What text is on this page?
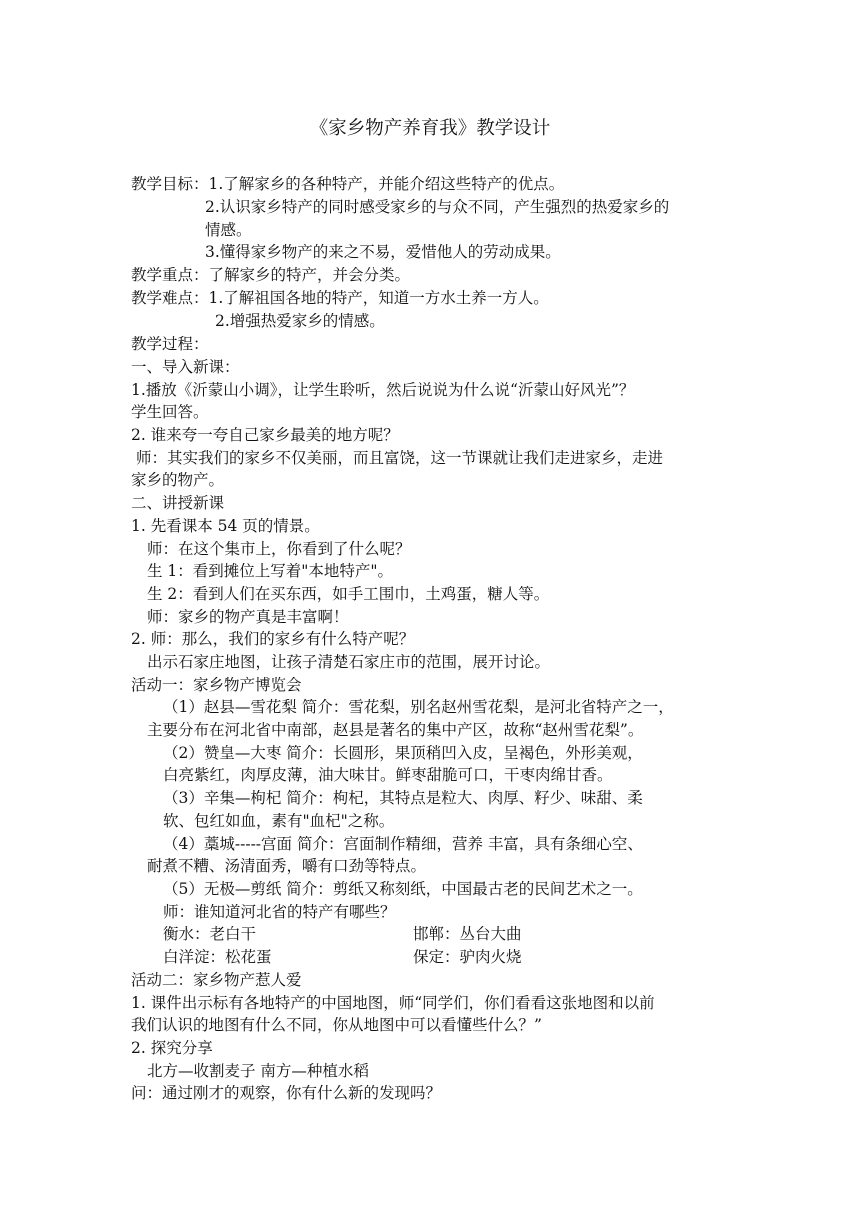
《家乡物产养育我》教学设计
教学目标：1.了解家乡的各种特产，并能介绍这些特产的优点。
2.认识家乡特产的同时感受家乡的与众不同，产生强烈的热爱家乡的
情感。
3.懂得家乡物产的来之不易，爱惜他人的劳动成果。
教学重点：了解家乡的特产，并会分类。
教学难点：1.了解祖国各地的特产，知道一方水土养一方人。
2.增强热爱家乡的情感。
教学过程：
一、导入新课：
1.播放《沂蒙山小调》，让学生聆听，然后说说为什么说“沂蒙山好风光”？
学生回答。
2. 谁来夸一夸自己家乡最美的地方呢？
师：其实我们的家乡不仅美丽，而且富饶，这一节课就让我们走进家乡，走进
家乡的物产。
二、讲授新课
1. 先看课本 54 页的情景。
师：在这个集市上，你看到了什么呢？
生 1：看到摊位上写着"本地特产"。
生 2：看到人们在买东西，如手工围巾，土鸡蛋，糖人等。
师：家乡的物产真是丰富啊！
2. 师：那么，我们的家乡有什么特产呢？
出示石家庄地图，让孩子清楚石家庄市的范围，展开讨论。
活动一：家乡物产博览会
（1）赵县—雪花梨 简介：雪花梨，别名赵州雪花梨，是河北省特产之一，
主要分布在河北省中南部，赵县是著名的集中产区，故称“赵州雪花梨”。
（2）赞皇—大枣 简介：长圆形，果顶稍凹入皮，呈褐色，外形美观，
白亮紫红，肉厚皮薄，油大味甘。鲜枣甜脆可口，干枣肉绵甘香。
（3）辛集—枸杞 简介：枸杞，其特点是粒大、肉厚、籽少、味甜、柔
软、包红如血，素有"血杞"之称。
（4）藁城-----宫面 简介：宫面制作精细，营养 丰富，具有条细心空、
耐煮不糟、汤清面秀，嚼有口劲等特点。
（5）无极—剪纸 简介：剪纸又称刻纸，中国最古老的民间艺术之一。
师：谁知道河北省的特产有哪些？
衡水：老白干	邯郸：丛台大曲
白洋淀：松花蛋	保定：驴肉火烧
活动二：家乡物产惹人爱
1. 课件出示标有各地特产的中国地图，师“同学们，你们看看这张地图和以前
我们认识的地图有什么不同，你从地图中可以看懂些什么？”
2. 探究分享
北方—收割麦子 南方—种植水稻
问：通过刚才的观察，你有什么新的发现吗？
